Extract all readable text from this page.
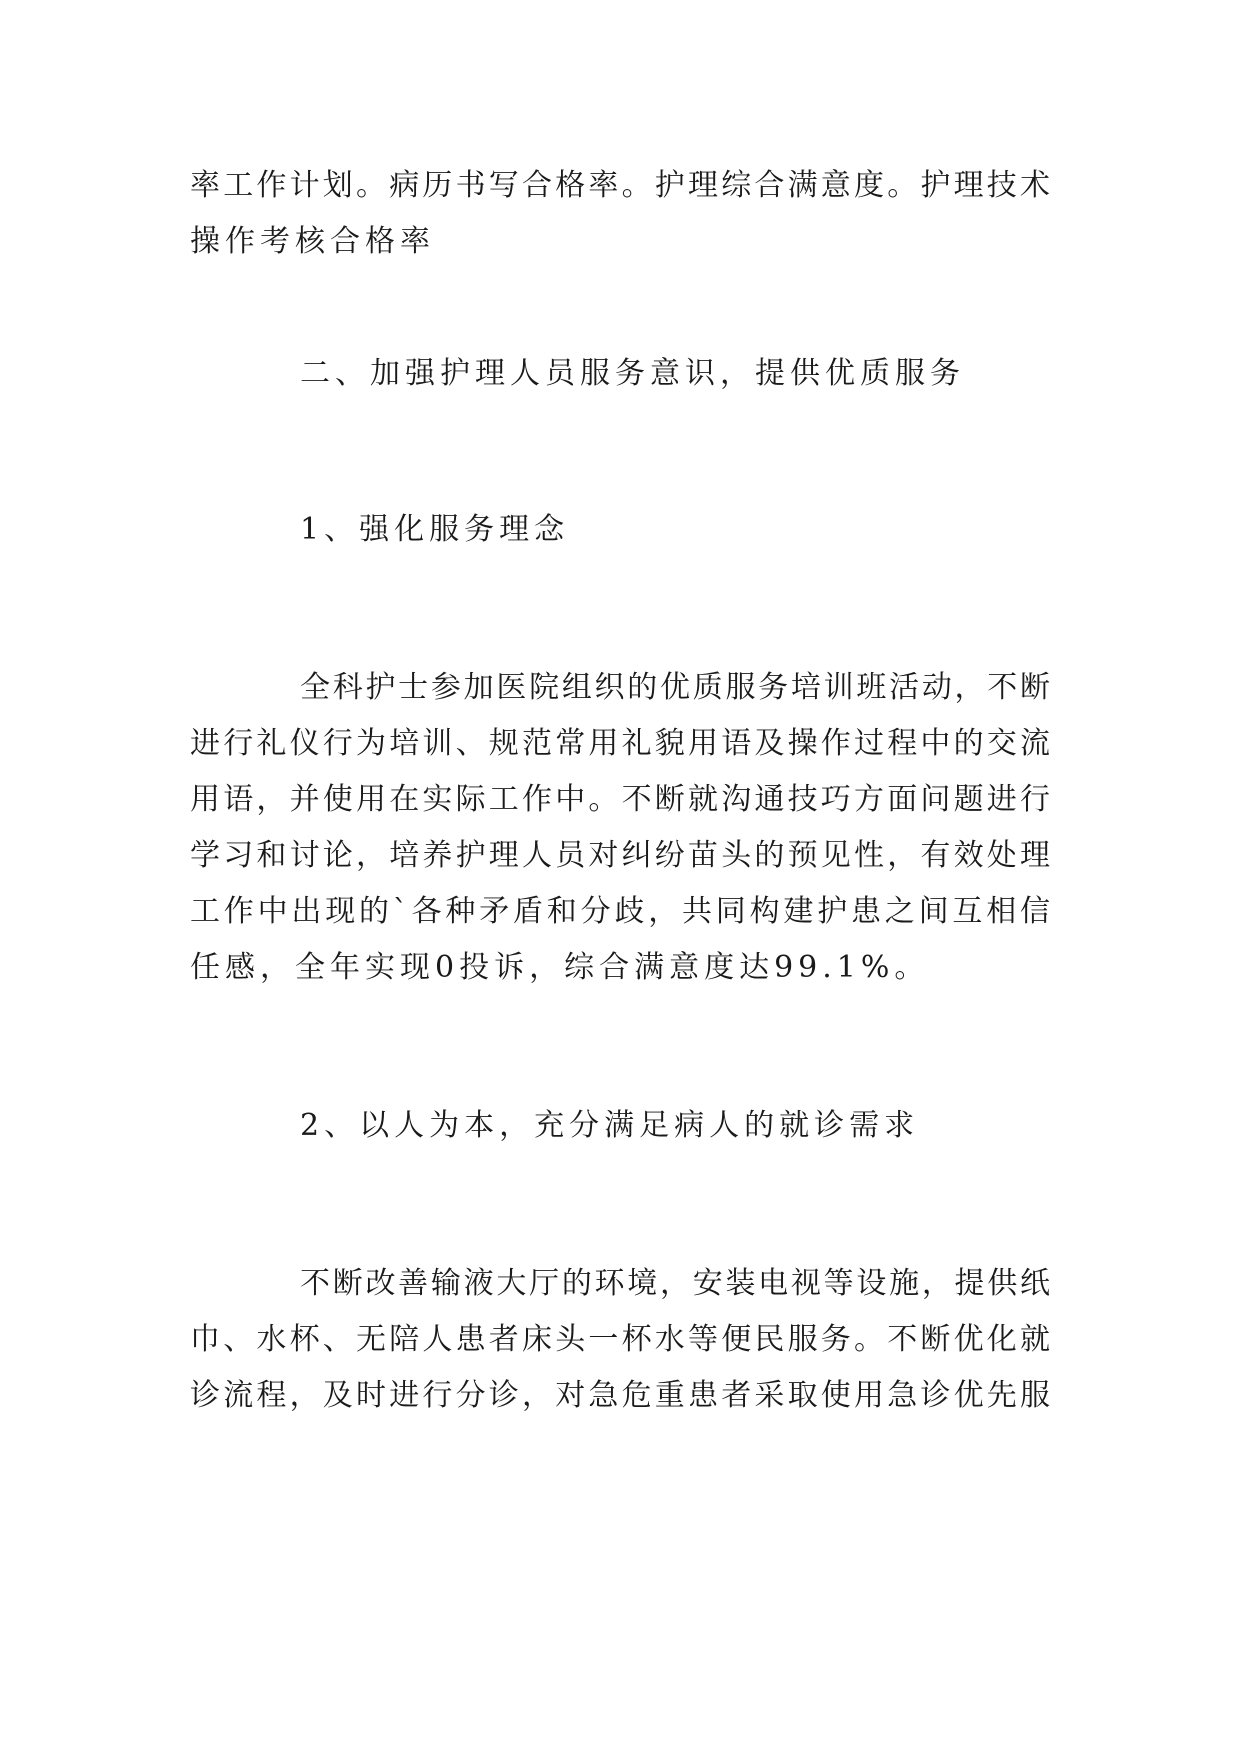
率工作计划。病历书写合格率。护理综合满意度。护理技术

操作考核合格率

二、加强护理人员服务意识，提供优质服务

1、强化服务理念

全科护士参加医院组织的优质服务培训班活动，不断

进行礼仪行为培训、规范常用礼貌用语及操作过程中的交流

用语，并使用在实际工作中。不断就沟通技巧方面问题进行

学习和讨论，培养护理人员对纠纷苗头的预见性，有效处理

工作中出现的`各种矛盾和分歧，共同构建护患之间互相信

任感，全年实现0投诉，综合满意度达99.1%。

2、以人为本，充分满足病人的就诊需求

不断改善输液大厅的环境，安装电视等设施，提供纸

巾、水杯、无陪人患者床头一杯水等便民服务。不断优化就

诊流程，及时进行分诊，对急危重患者采取使用急诊优先服
